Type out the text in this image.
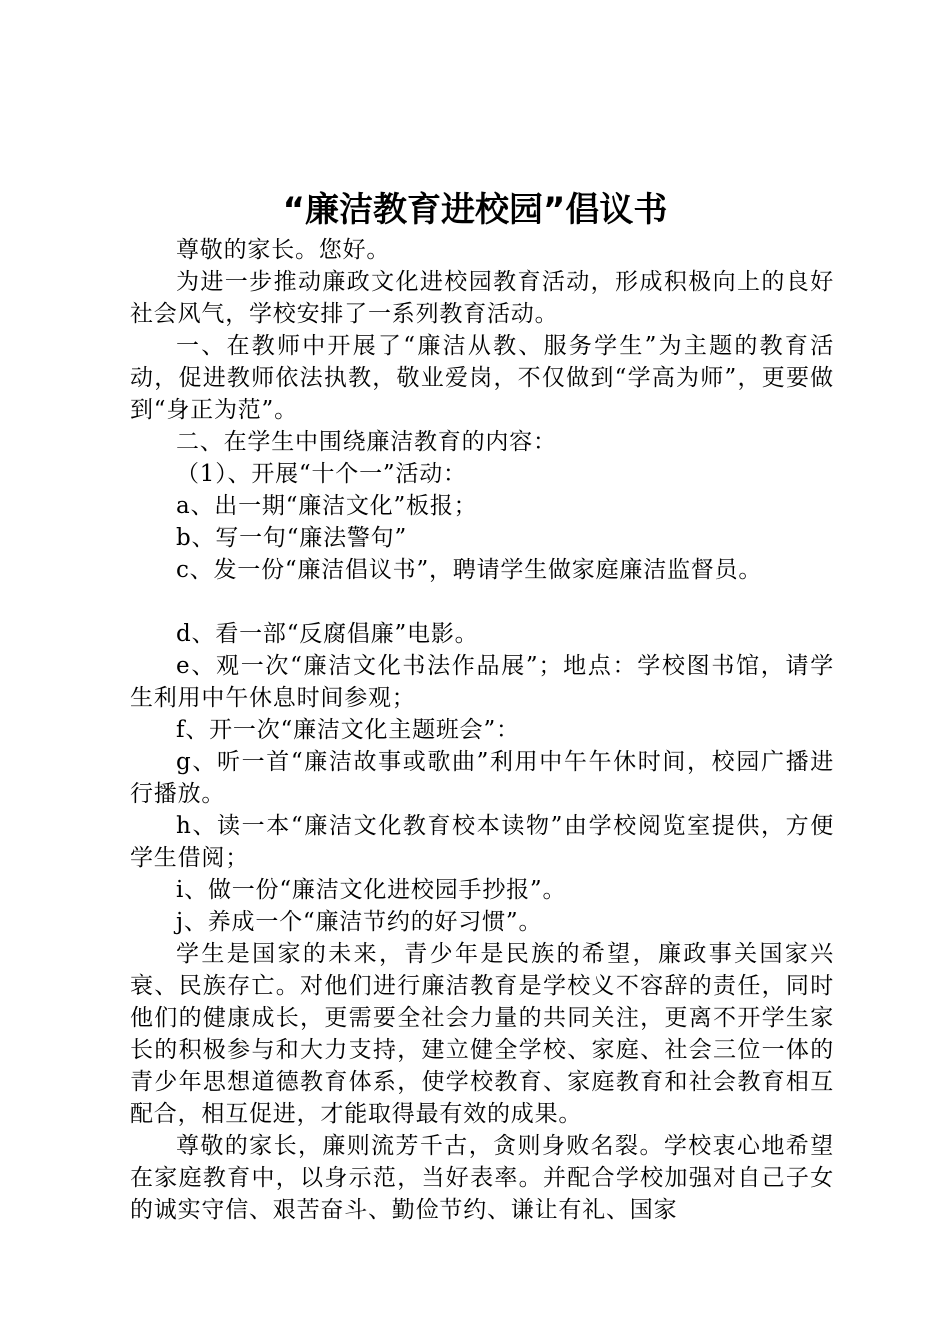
“廉洁教育进校园”倡议书

尊敬的家长。您好。

为进一步推动廉政文化进校园教育活动，形成积极向上的良好社会风气，学校安排了一系列教育活动。

一、在教师中开展了“廉洁从教、服务学生”为主题的教育活动，促进教师依法执教，敬业爱岗，不仅做到“学高为师”，更要做到“身正为范”。

二、在学生中围绕廉洁教育的内容：

（1）、开展“十个一”活动：

a、出一期“廉洁文化”板报；

b、写一句“廉法警句”

c、发一份“廉洁倡议书”，聘请学生做家庭廉洁监督员。

d、看一部“反腐倡廉”电影。

e、观一次“廉洁文化书法作品展”；地点：学校图书馆，请学生利用中午休息时间参观；

f、开一次“廉洁文化主题班会”：

g、听一首“廉洁故事或歌曲”利用中午午休时间，校园广播进行播放。

h、读一本“廉洁文化教育校本读物”由学校阅览室提供，方便学生借阅；

i、做一份“廉洁文化进校园手抄报”。

j、养成一个“廉洁节约的好习惯”。

学生是国家的未来，青少年是民族的希望，廉政事关国家兴衰、民族存亡。对他们进行廉洁教育是学校义不容辞的责任，同时他们的健康成长，更需要全社会力量的共同关注，更离不开学生家长的积极参与和大力支持，建立健全学校、家庭、社会三位一体的青少年思想道德教育体系，使学校教育、家庭教育和社会教育相互配合，相互促进，才能取得最有效的成果。

尊敬的家长，廉则流芳千古，贪则身败名裂。学校衷心地希望在家庭教育中，以身示范，当好表率。并配合学校加强对自己子女的诚实守信、艰苦奋斗、勤俭节约、谦让有礼、国家
